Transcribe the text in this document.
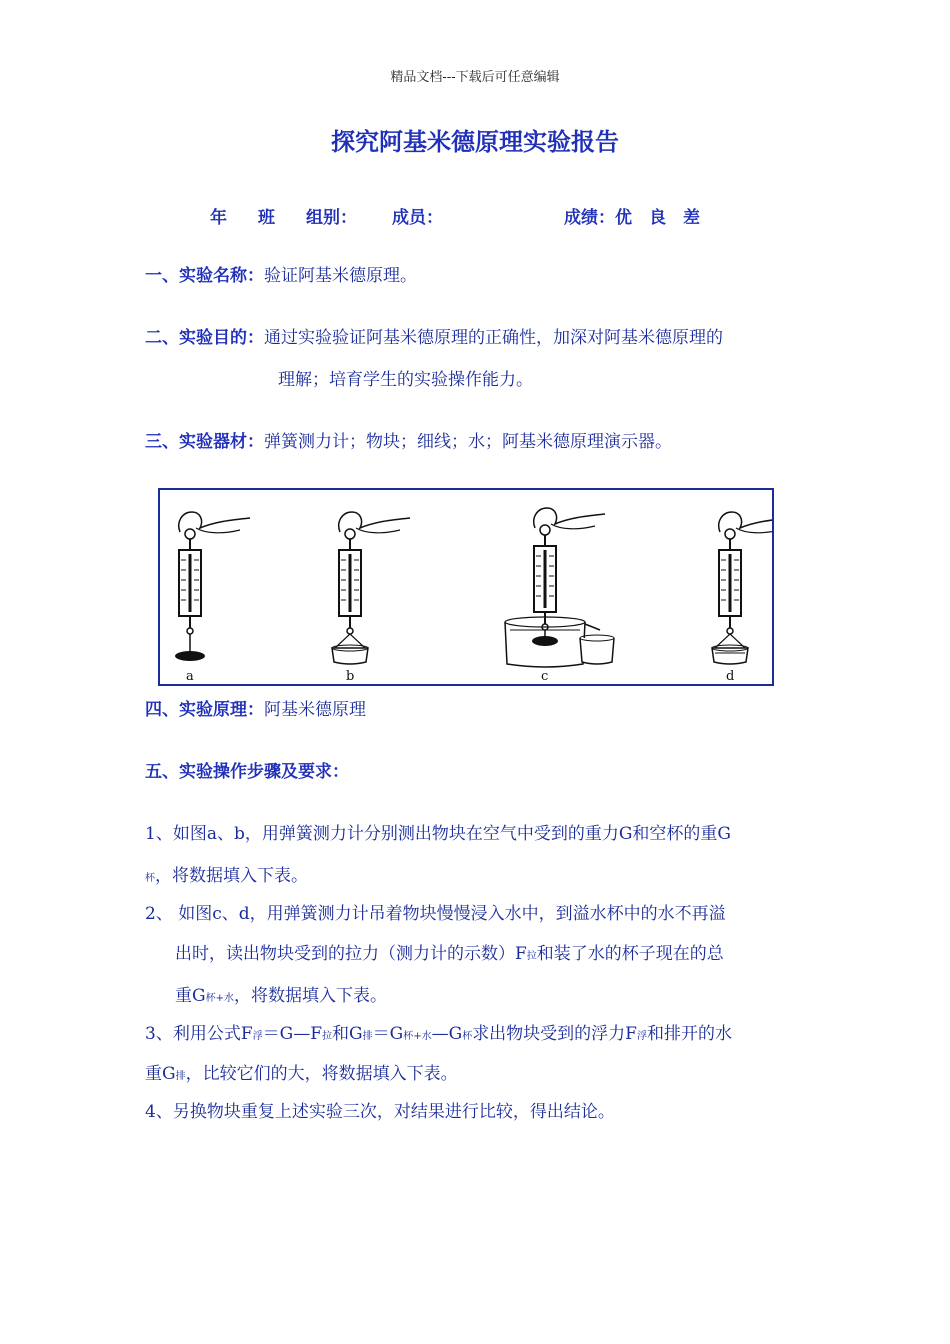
精品文档---下载后可任意编辑
探究阿基米德原理实验报告
年 班 组别： 成员：	成绩：优　良　差
一、实验名称：验证阿基米德原理。
二、实验目的：通过实验验证阿基米德原理的正确性，加深对阿基米德原理的
理解；培育学生的实验操作能力。
三、实验器材：弹簧测力计；物块；细线；水；阿基米德原理演示器。
a	b	c	d
四、实验原理：阿基米德原理
五、实验操作步骤及要求：
1、如图a、b，用弹簧测力计分别测出物块在空气中受到的重力G和空杯的重G
杯，将数据填入下表。
2、 如图c、d，用弹簧测力计吊着物块慢慢浸入水中，到溢水杯中的水不再溢
出时，读出物块受到的拉力（测力计的示数）F拉和装了水的杯子现在的总
重G杯+水，将数据填入下表。
3、利用公式F浮＝G—F拉和G排＝G杯+水—G杯求出物块受到的浮力F浮和排开的水
重G排，比较它们的大，将数据填入下表。
4、另换物块重复上述实验三次，对结果进行比较，得出结论。
